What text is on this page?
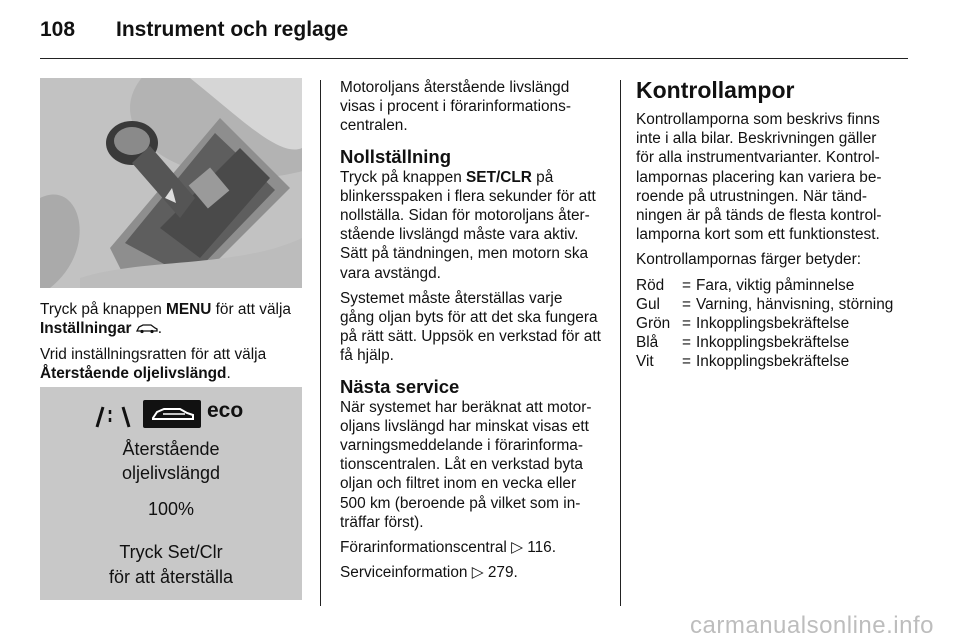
108 Instrument och reglage

Tryck på knappen MENU för att välja
Inställningar .

Vrid inställningsratten för att välja
Återstående oljelivslängd.

eco
Återstående
oljelivslängd
100%
Tryck Set/Clr
för att återställa

Motoroljans återstående livslängd
visas i procent i förarinformations-
centralen.

Nollställning

Tryck på knappen SET/CLR på
blinkersspaken i flera sekunder för att
nollställa. Sidan för motoroljans åter-
stående livslängd måste vara aktiv.
Sätt på tändningen, men motorn ska
vara avstängd.

Systemet måste återställas varje
gång oljan byts för att det ska fungera
på rätt sätt. Uppsök en verkstad för att
få hjälp.

Nästa service

När systemet har beräknat att motor-
oljans livslängd har minskat visas ett
varningsmeddelande i förarinforma-
tionscentralen. Låt en verkstad byta
oljan och filtret inom en vecka eller
500 km (beroende på vilket som in-
träffar först).

Förarinformationscentral ▷ 116.

Serviceinformation ▷ 279.

Kontrollampor

Kontrollamporna som beskrivs finns
inte i alla bilar. Beskrivningen gäller
för alla instrumentvarianter. Kontrol-
lampornas placering kan variera be-
roende på utrustningen. När tänd-
ningen är på tänds de flesta kontrol-
lamporna kort som ett funktionstest.

Kontrollampornas färger betyder:

Röd	=	Fara, viktig påminnelse
Gul	=	Varning, hänvisning, störning
Grön	=	Inkopplingsbekräftelse
Blå	=	Inkopplingsbekräftelse
Vit	=	Inkopplingsbekräftelse
carmanualsonline.info
